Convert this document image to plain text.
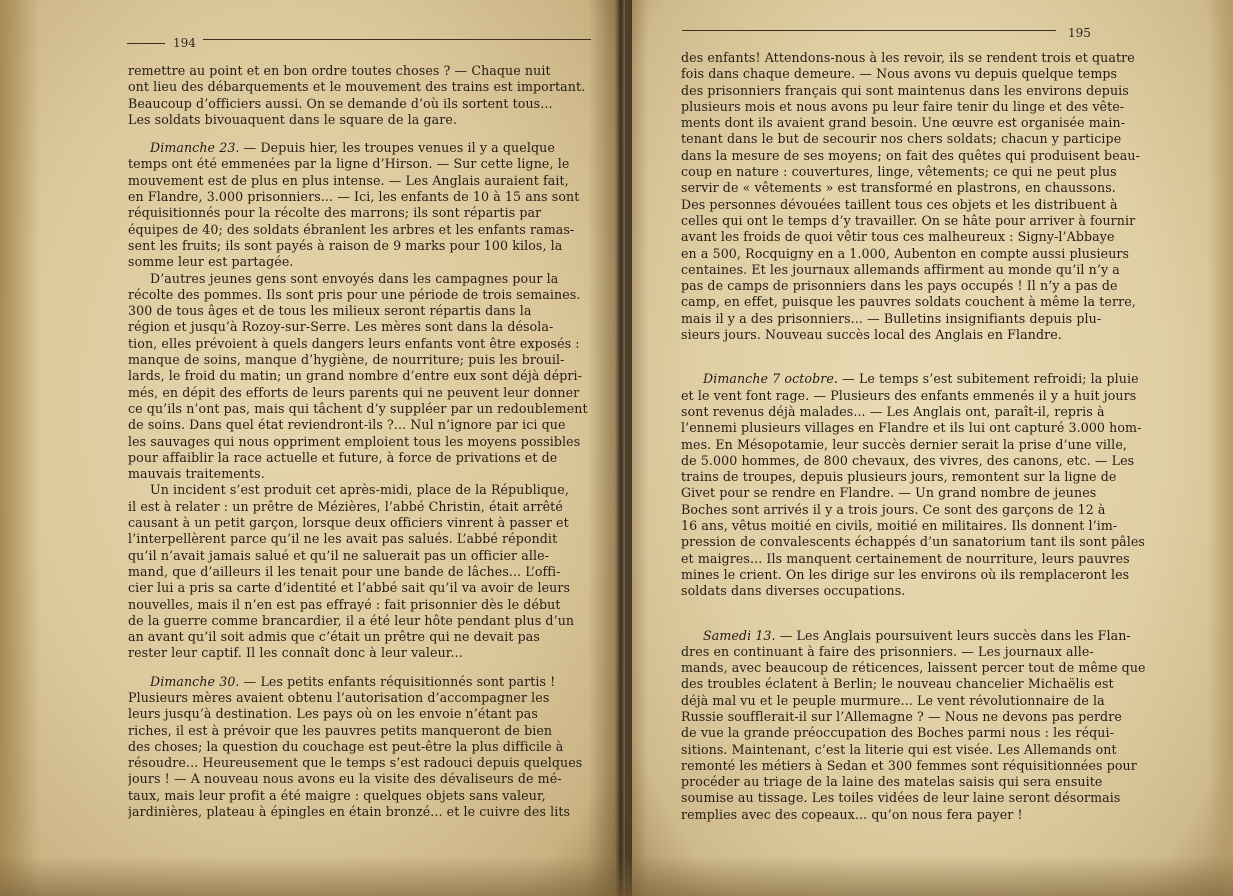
194
remettre au point et en bon ordre toutes choses ? — Chaque nuit
ont lieu des débarquements et le mouvement des trains est important.
Beaucoup d’officiers aussi. On se demande d’où ils sortent tous...
Les soldats bivouaquent dans le square de la gare.
Dimanche 23. — Depuis hier, les troupes venues il y a quelque
temps ont été emmenées par la ligne d’Hirson. — Sur cette ligne, le
mouvement est de plus en plus intense. — Les Anglais auraient fait,
en Flandre, 3.000 prisonniers... — Ici, les enfants de 10 à 15 ans sont
réquisitionnés pour la récolte des marrons; ils sont répartis par
équipes de 40; des soldats ébranlent les arbres et les enfants ramas-
sent les fruits; ils sont payés à raison de 9 marks pour 100 kilos, la
somme leur est partagée.
D’autres jeunes gens sont envoyés dans les campagnes pour la
récolte des pommes. Ils sont pris pour une période de trois semaines.
300 de tous âges et de tous les milieux seront répartis dans la
région et jusqu’à Rozoy-sur-Serre. Les mères sont dans la désola-
tion, elles prévoient à quels dangers leurs enfants vont être exposés :
manque de soins, manque d’hygiène, de nourriture; puis les brouil-
lards, le froid du matin; un grand nombre d’entre eux sont déjà dépri-
més, en dépit des efforts de leurs parents qui ne peuvent leur donner
ce qu’ils n’ont pas, mais qui tâchent d’y suppléer par un redoublement
de soins. Dans quel état reviendront-ils ?... Nul n’ignore par ici que
les sauvages qui nous oppriment emploient tous les moyens possibles
pour affaiblir la race actuelle et future, à force de privations et de
mauvais traitements.
Un incident s’est produit cet après-midi, place de la République,
il est à relater : un prêtre de Mézières, l’abbé Christin, était arrêté
causant à un petit garçon, lorsque deux officiers vinrent à passer et
l’interpellèrent parce qu’il ne les avait pas salués. L’abbé répondit
qu’il n’avait jamais salué et qu’il ne saluerait pas un officier alle-
mand, que d’ailleurs il les tenait pour une bande de lâches... L’offi-
cier lui a pris sa carte d’identité et l’abbé sait qu’il va avoir de leurs
nouvelles, mais il n’en est pas effrayé : fait prisonnier dès le début
de la guerre comme brancardier, il a été leur hôte pendant plus d’un
an avant qu’il soit admis que c’était un prêtre qui ne devait pas
rester leur captif. Il les connaît donc à leur valeur...
Dimanche 30. — Les petits enfants réquisitionnés sont partis !
Plusieurs mères avaient obtenu l’autorisation d’accompagner les
leurs jusqu’à destination. Les pays où on les envoie n’étant pas
riches, il est à prévoir que les pauvres petits manqueront de bien
des choses; la question du couchage est peut-être la plus difficile à
résoudre... Heureusement que le temps s’est radouci depuis quelques
jours ! — A nouveau nous avons eu la visite des dévaliseurs de mé-
taux, mais leur profit a été maigre : quelques objets sans valeur,
jardinières, plateau à épingles en étain bronzé... et le cuivre des lits
195
des enfants! Attendons-nous à les revoir, ils se rendent trois et quatre
fois dans chaque demeure. — Nous avons vu depuis quelque temps
des prisonniers français qui sont maintenus dans les environs depuis
plusieurs mois et nous avons pu leur faire tenir du linge et des vête-
ments dont ils avaient grand besoin. Une œuvre est organisée main-
tenant dans le but de secourir nos chers soldats; chacun y participe
dans la mesure de ses moyens; on fait des quêtes qui produisent beau-
coup en nature : couvertures, linge, vêtements; ce qui ne peut plus
servir de « vêtements » est transformé en plastrons, en chaussons.
Des personnes dévouées taillent tous ces objets et les distribuent à
celles qui ont le temps d’y travailler. On se hâte pour arriver à fournir
avant les froids de quoi vêtir tous ces malheureux : Signy-l’Abbaye
en a 500, Rocquigny en a 1.000, Aubenton en compte aussi plusieurs
centaines. Et les journaux allemands affirment au monde qu’il n’y a
pas de camps de prisonniers dans les pays occupés ! Il n’y a pas de
camp, en effet, puisque les pauvres soldats couchent à même la terre,
mais il y a des prisonniers... — Bulletins insignifiants depuis plu-
sieurs jours. Nouveau succès local des Anglais en Flandre.
Dimanche 7 octobre. — Le temps s’est subitement refroidi; la pluie
et le vent font rage. — Plusieurs des enfants emmenés il y a huit jours
sont revenus déjà malades... — Les Anglais ont, paraît-il, repris à
l’ennemi plusieurs villages en Flandre et ils lui ont capturé 3.000 hom-
mes. En Mésopotamie, leur succès dernier serait la prise d’une ville,
de 5.000 hommes, de 800 chevaux, des vivres, des canons, etc. — Les
trains de troupes, depuis plusieurs jours, remontent sur la ligne de
Givet pour se rendre en Flandre. — Un grand nombre de jeunes
Boches sont arrivés il y a trois jours. Ce sont des garçons de 12 à
16 ans, vêtus moitié en civils, moitié en militaires. Ils donnent l’im-
pression de convalescents échappés d’un sanatorium tant ils sont pâles
et maigres... Ils manquent certainement de nourriture, leurs pauvres
mines le crient. On les dirige sur les environs où ils remplaceront les
soldats dans diverses occupations.
Samedi 13. — Les Anglais poursuivent leurs succès dans les Flan-
dres en continuant à faire des prisonniers. — Les journaux alle-
mands, avec beaucoup de réticences, laissent percer tout de même que
des troubles éclatent à Berlin; le nouveau chancelier Michaëlis est
déjà mal vu et le peuple murmure... Le vent révolutionnaire de la
Russie soufflerait-il sur l’Allemagne ? — Nous ne devons pas perdre
de vue la grande préoccupation des Boches parmi nous : les réqui-
sitions. Maintenant, c’est la literie qui est visée. Les Allemands ont
remonté les métiers à Sedan et 300 femmes sont réquisitionnées pour
procéder au triage de la laine des matelas saisis qui sera ensuite
soumise au tissage. Les toiles vidées de leur laine seront désormais
remplies avec des copeaux... qu’on nous fera payer !
